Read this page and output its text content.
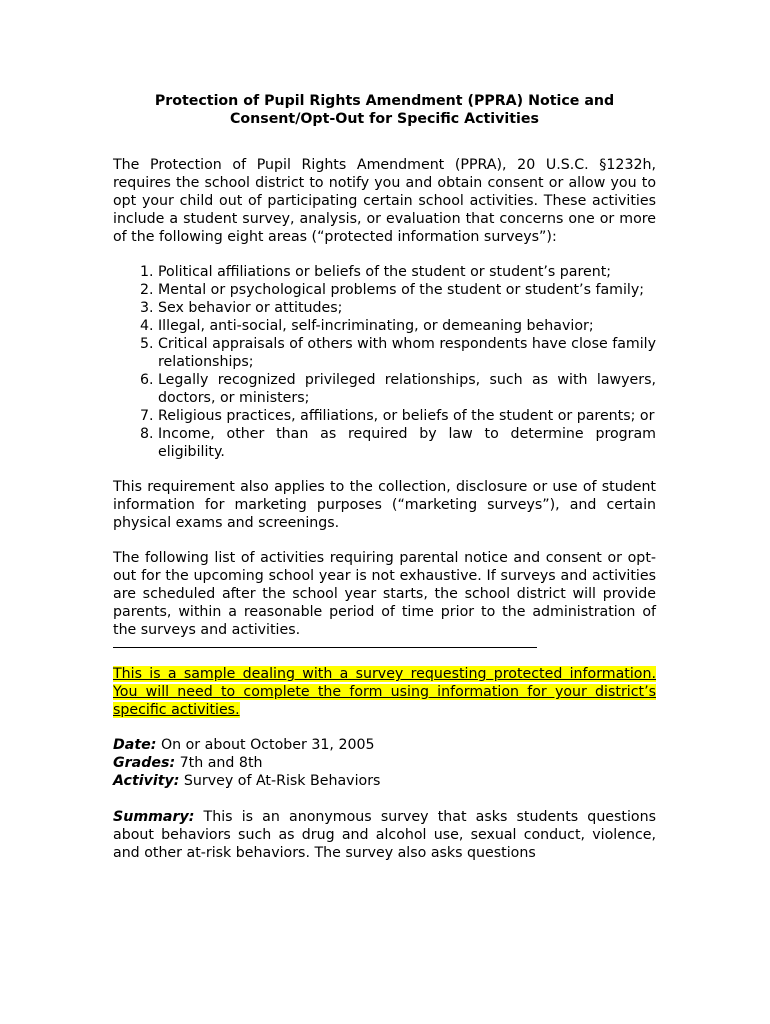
Protection of Pupil Rights Amendment (PPRA) Notice and
Consent/Opt-Out for Specific Activities

The Protection of Pupil Rights Amendment (PPRA), 20 U.S.C. §1232h, requires the school district to notify you and obtain consent or allow you to opt your child out of participating certain school activities. These activities include a student survey, analysis, or evaluation that concerns one or more of the following eight areas (“protected information surveys”):

1. Political affiliations or beliefs of the student or student’s parent;
2. Mental or psychological problems of the student or student’s family;
3. Sex behavior or attitudes;
4. Illegal, anti-social, self-incriminating, or demeaning behavior;
5. Critical appraisals of others with whom respondents have close family relationships;
6. Legally recognized privileged relationships, such as with lawyers, doctors, or ministers;
7. Religious practices, affiliations, or beliefs of the student or parents; or
8. Income, other than as required by law to determine program eligibility.

This requirement also applies to the collection, disclosure or use of student information for marketing purposes (“marketing surveys”), and certain physical exams and screenings.

The following list of activities requiring parental notice and consent or opt-out for the upcoming school year is not exhaustive. If surveys and activities are scheduled after the school year starts, the school district will provide parents, within a reasonable period of time prior to the administration of the surveys and activities.

This is a sample dealing with a survey requesting protected information. You will need to complete the form using information for your district’s specific activities.

Date: On or about October 31, 2005
Grades: 7th and 8th
Activity: Survey of At-Risk Behaviors

Summary: This is an anonymous survey that asks students questions about behaviors such as drug and alcohol use, sexual conduct, violence, and other at-risk behaviors. The survey also asks questions
